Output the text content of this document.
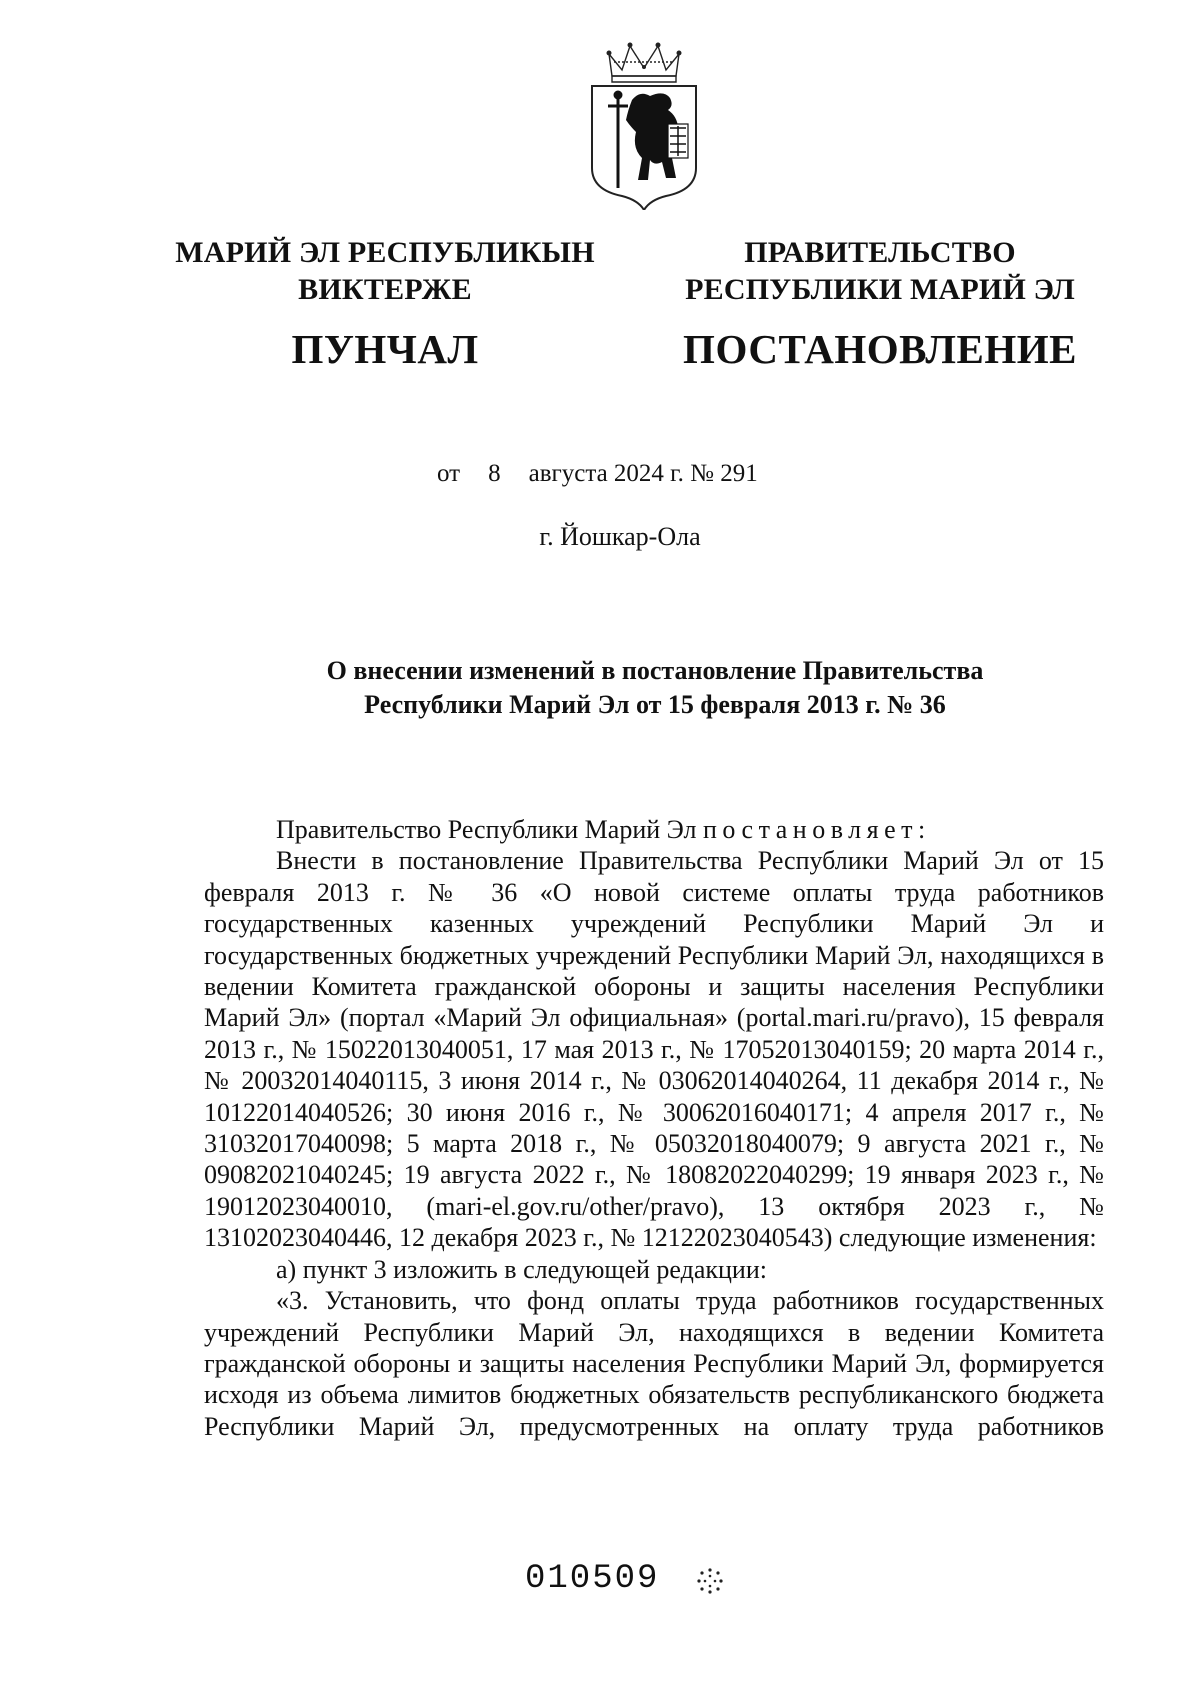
МАРИЙ ЭЛ РЕСПУБЛИКЫН
ВИКТЕРЖЕ
ПУНЧАЛ
ПРАВИТЕЛЬСТВО
РЕСПУБЛИКИ МАРИЙ ЭЛ
ПОСТАНОВЛЕНИЕ
от 8 августа 2024 г. № 291
г. Йошкар-Ола
О внесении изменений в постановление Правительства
Республики Марий Эл от 15 февраля 2013 г. № 36

Правительство Республики Марий Эл постановляет:

Внести в постановление Правительства Республики Марий Эл от 15 февраля 2013 г. № 36 «О новой системе оплаты труда работников государственных казенных учреждений Республики Марий Эл и государственных бюджетных учреждений Республики Марий Эл, находящихся в ведении Комитета гражданской обороны и защиты населения Республики Марий Эл» (портал «Марий Эл официальная» (portal.mari.ru/pravo), 15 февраля 2013 г., № 15022013040051, 17 мая 2013 г., № 17052013040159; 20 марта 2014 г., № 20032014040115, 3 июня 2014 г., № 03062014040264, 11 декабря 2014 г., № 10122014040526; 30 июня 2016 г., № 30062016040171; 4 апреля 2017 г., № 31032017040098; 5 марта 2018 г., № 05032018040079; 9 августа 2021 г., № 09082021040245; 19 августа 2022 г., № 18082022040299; 19 января 2023 г., № 19012023040010, (mari-el.gov.ru/other/pravo), 13 октября 2023 г., № 13102023040446, 12 декабря 2023 г., № 12122023040543) следующие изменения:

а) пункт 3 изложить в следующей редакции:

«3. Установить, что фонд оплаты труда работников государственных учреждений Республики Марий Эл, находящихся в ведении Комитета гражданской обороны и защиты населения Республики Марий Эл, формируется исходя из объема лимитов бюджетных обязательств республиканского бюджета Республики Марий Эл, предусмотренных на оплату труда работников

010509
